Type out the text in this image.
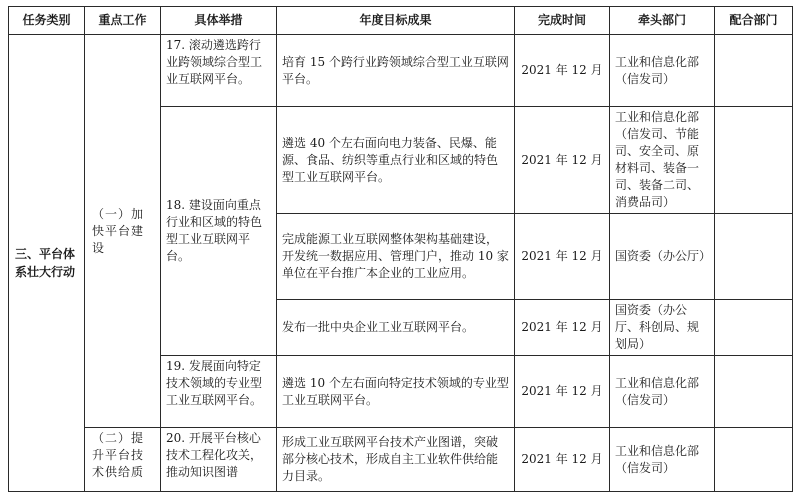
任务类别	重点工作	具体举措	年度目标成果	完成时间	牵头部门	配合部门
三、平台体系壮大行动	（一）加快平台建设	17. 滚动遴选跨行业跨领域综合型工业互联网平台。	培育 15 个跨行业跨领域综合型工业互联网平台。	2021 年 12 月	工业和信息化部（信发司）	
		18. 建设面向重点行业和区域的特色型工业互联网平台。	遴选 40 个左右面向电力装备、民爆、能源、食品、纺织等重点行业和区域的特色型工业互联网平台。	2021 年 12 月	工业和信息化部（信发司、节能司、安全司、原材料司、装备一司、装备二司、消费品司）	
			完成能源工业互联网整体架构基础建设，开发统一数据应用、管理门户，推动 10 家单位在平台推广本企业的工业应用。	2021 年 12 月	国资委（办公厅）	
			发布一批中央企业工业互联网平台。	2021 年 12 月	国资委（办公厅、科创局、规划局）	
		19. 发展面向特定技术领域的专业型工业互联网平台。	遴选 10 个左右面向特定技术领域的专业型工业互联网平台。	2021 年 12 月	工业和信息化部（信发司）	
	（二）提升平台技术供给质	20. 开展平台核心技术工程化攻关，推动知识图谱	形成工业互联网平台技术产业图谱，突破部分核心技术，形成自主工业软件供给能力目录。	2021 年 12 月	工业和信息化部（信发司）	
